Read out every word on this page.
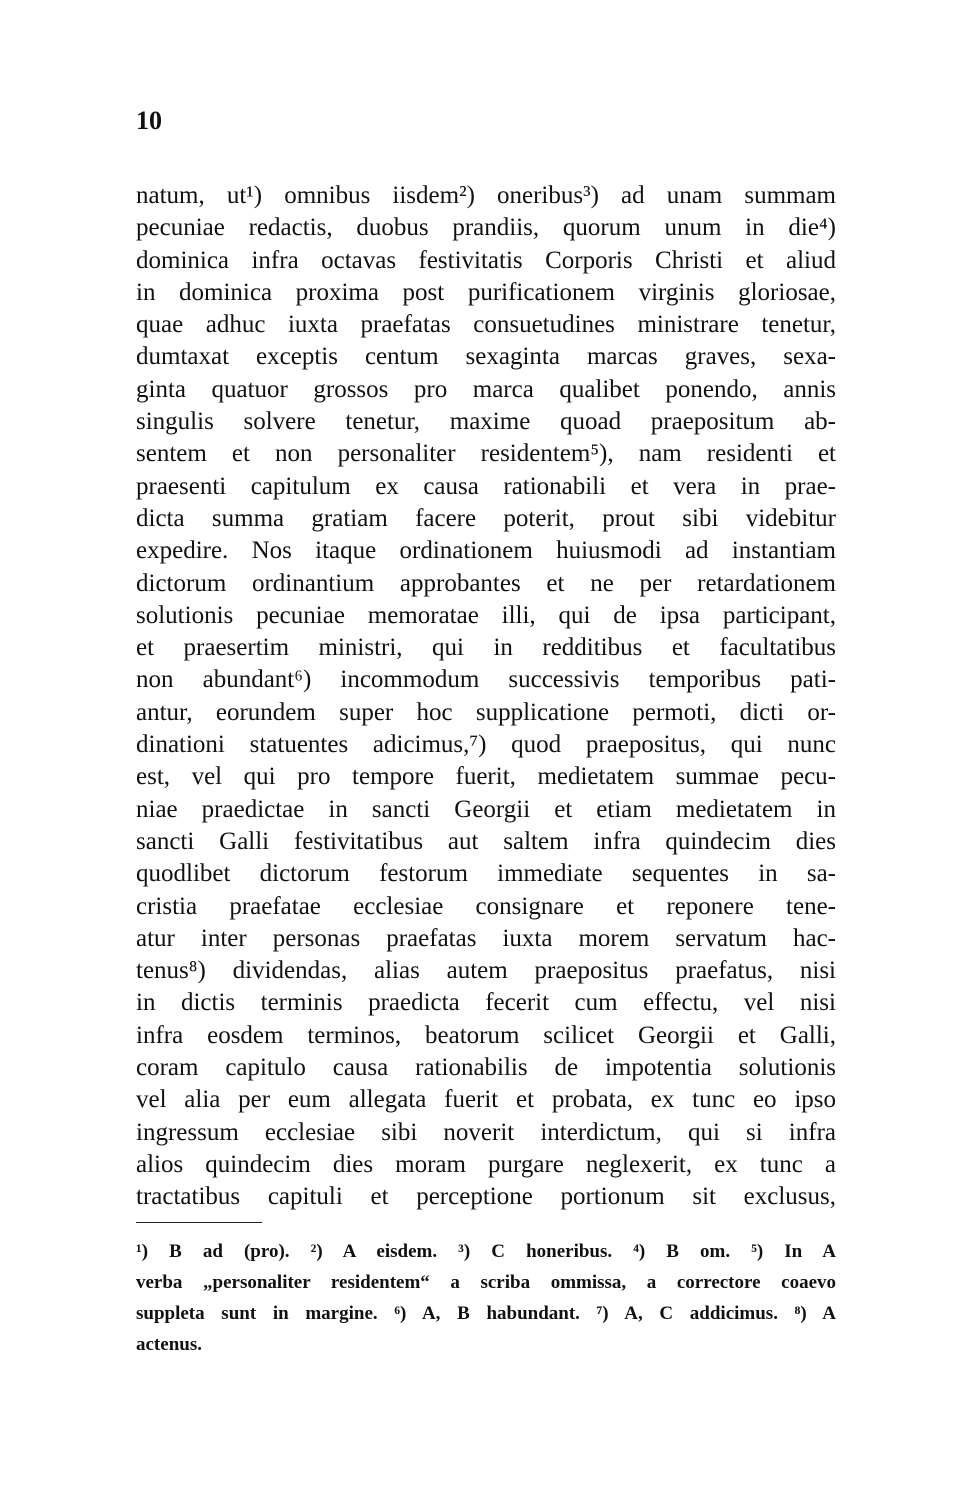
10
natum, ut¹) omnibus iisdem²) oneribus³) ad unam summam
pecuniae redactis, duobus prandiis, quorum unum in die⁴)
dominica infra octavas festivitatis Corporis Christi et aliud
in dominica proxima post purificationem virginis gloriosae,
quae adhuc iuxta praefatas consuetudines ministrare tenetur,
dumtaxat exceptis centum sexaginta marcas graves, sexa-
ginta quatuor grossos pro marca qualibet ponendo, annis
singulis solvere tenetur, maxime quoad praepositum ab-
sentem et non personaliter residentem⁵), nam residenti et
praesenti capitulum ex causa rationabili et vera in prae-
dicta summa gratiam facere poterit, prout sibi videbitur
expedire. Nos itaque ordinationem huiusmodi ad instantiam
dictorum ordinantium approbantes et ne per retardationem
solutionis pecuniae memoratae illi, qui de ipsa participant,
et praesertim ministri, qui in redditibus et facultatibus
non abundant⁶) incommodum successivis temporibus pati-
antur, eorundem super hoc supplicatione permoti, dicti or-
dinationi statuentes adicimus,⁷) quod praepositus, qui nunc
est, vel qui pro tempore fuerit, medietatem summae pecu-
niae praedictae in sancti Georgii et etiam medietatem in
sancti Galli festivitatibus aut saltem infra quindecim dies
quodlibet dictorum festorum immediate sequentes in sa-
cristia praefatae ecclesiae consignare et reponere tene-
atur inter personas praefatas iuxta morem servatum hac-
tenus⁸) dividendas, alias autem praepositus praefatus, nisi
in dictis terminis praedicta fecerit cum effectu, vel nisi
infra eosdem terminos, beatorum scilicet Georgii et Galli,
coram capitulo causa rationabilis de impotentia solutionis
vel alia per eum allegata fuerit et probata, ex tunc eo ipso
ingressum ecclesiae sibi noverit interdictum, qui si infra
alios quindecim dies moram purgare neglexerit, ex tunc a
tractatibus capituli et perceptione portionum sit exclusus,
¹) B ad (pro). ²) A eisdem. ³) C honeribus. ⁴) B om. ⁵) In A
verba „personaliter residentem“ a scriba ommissa, a correctore coaevo
suppleta sunt in margine. ⁶) A, B habundant. ⁷) A, C addicimus. ⁸) A
actenus.
